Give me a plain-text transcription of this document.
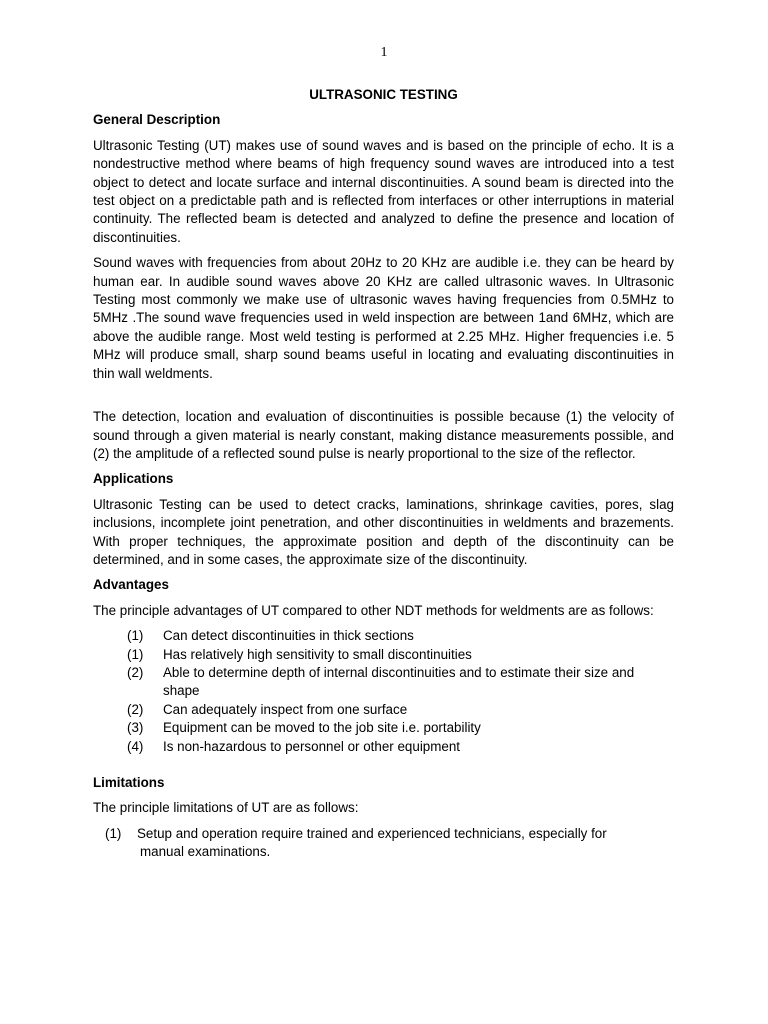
1
ULTRASONIC TESTING
General Description

Ultrasonic Testing (UT) makes use of sound waves and is based on the principle of echo. It is a nondestructive method where beams of high frequency sound waves are introduced into a test object to detect and locate surface and internal discontinuities. A sound beam is directed into the test object on a predictable path and is reflected from interfaces or other interruptions in material continuity. The reflected beam is detected and analyzed to define the presence and location of discontinuities.

Sound waves with frequencies from about 20Hz to 20 KHz are audible i.e. they can be heard by human ear. In audible sound waves above 20 KHz are called ultrasonic waves. In Ultrasonic Testing most commonly we make use of ultrasonic waves having frequencies from 0.5MHz to 5MHz .The sound wave frequencies used in weld inspection are between 1and 6MHz, which are above the audible range. Most weld testing is performed at 2.25 MHz. Higher frequencies i.e. 5 MHz will produce small, sharp sound beams useful in locating and evaluating discontinuities in thin wall weldments.

The detection, location and evaluation of discontinuities is possible because (1) the velocity of sound through a given material is nearly constant, making distance measurements possible, and (2) the amplitude of a reflected sound pulse is nearly proportional to the size of the reflector.

Applications

Ultrasonic Testing can be used to detect cracks, laminations, shrinkage cavities, pores, slag inclusions, incomplete joint penetration, and other discontinuities in weldments and brazements. With proper techniques, the approximate position and depth of the discontinuity can be determined, and in some cases, the approximate size of the discontinuity.

Advantages

The principle advantages of UT compared to other NDT methods for weldments are as follows:

(1)	Can detect discontinuities in thick sections
(1)	Has relatively high sensitivity to small discontinuities
(2)	Able to determine depth of internal discontinuities and to estimate their size and shape
(2)	Can adequately inspect from one surface
(3)	Equipment can be moved to the job site i.e. portability
(4)	Is non-hazardous to personnel or other equipment
Limitations

The principle limitations of UT are as follows:

(1)	Setup and operation require trained and experienced technicians, especially for
manual examinations.
